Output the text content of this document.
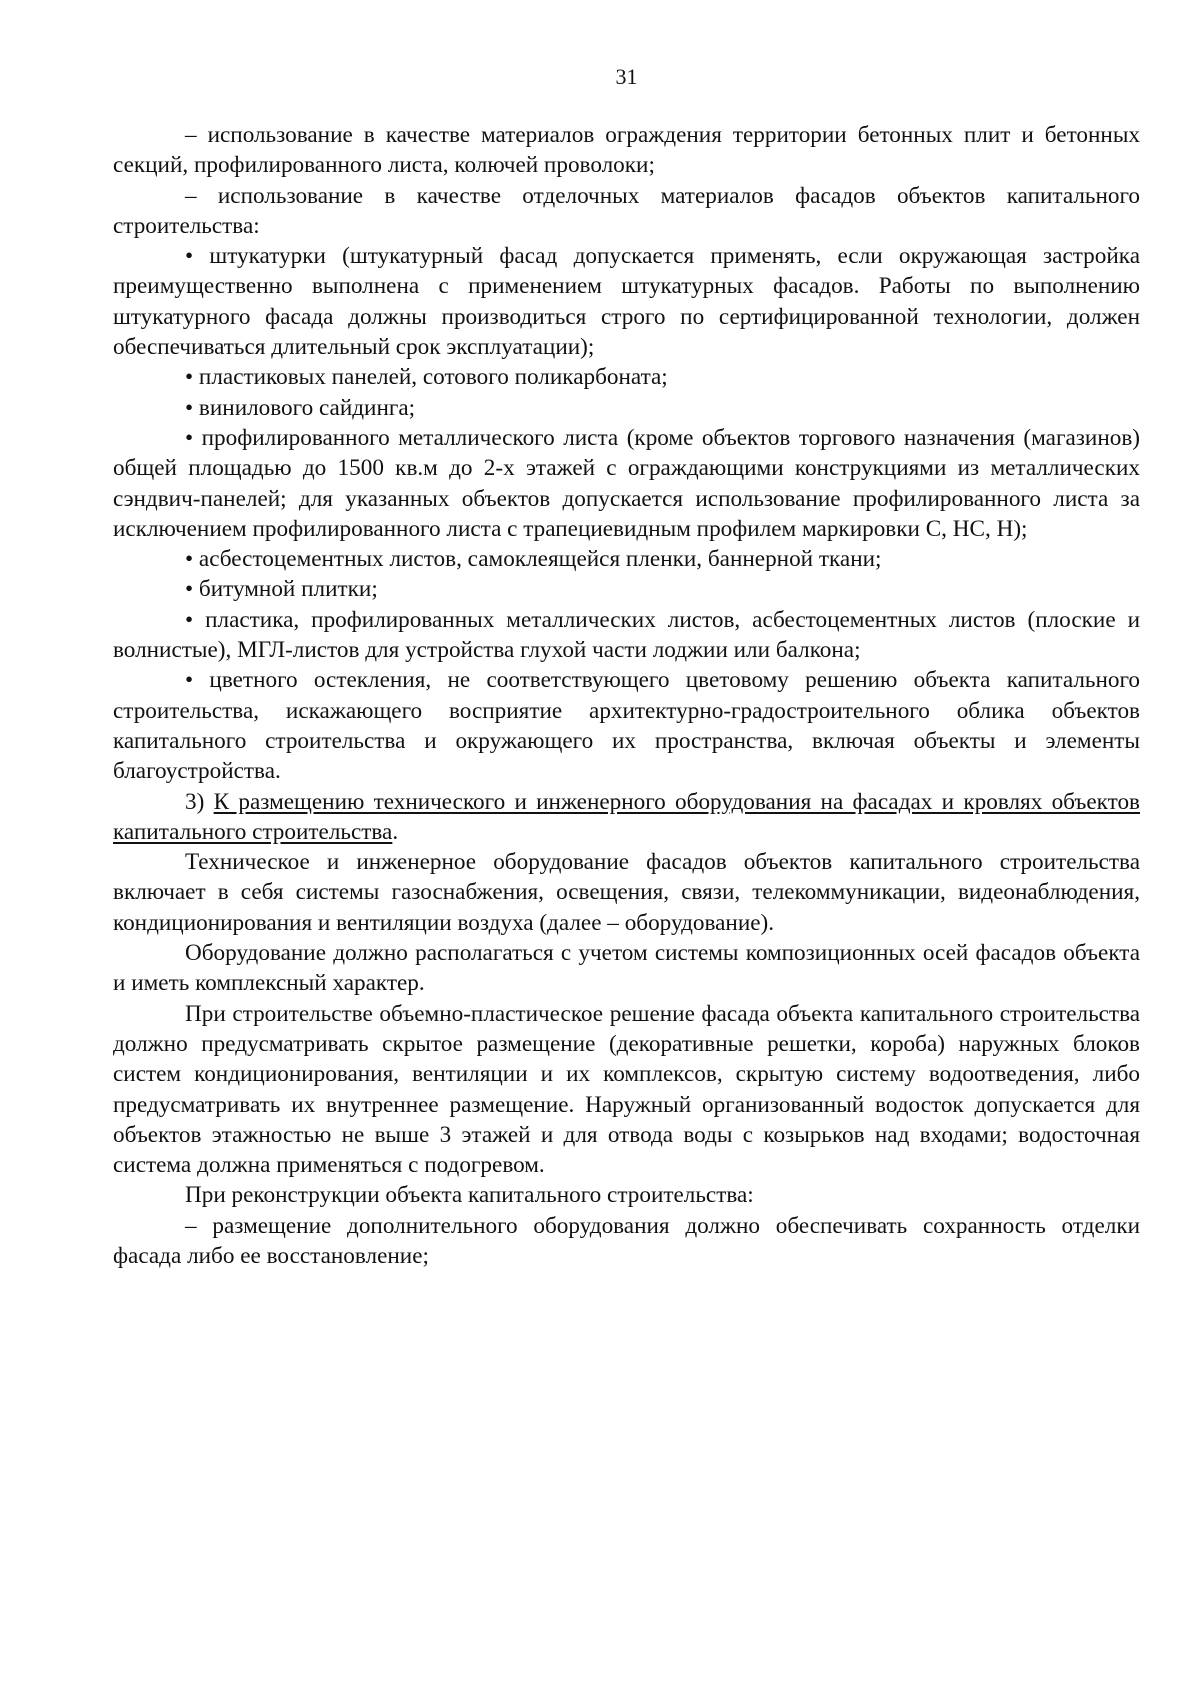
31

– использование в качестве материалов ограждения территории бетонных плит и бетонных секций, профилированного листа, колючей проволоки;

– использование в качестве отделочных материалов фасадов объектов капитального строительства:

• штукатурки (штукатурный фасад допускается применять, если окружающая застройка преимущественно выполнена с применением штукатурных фасадов. Работы по выполнению штукатурного фасада должны производиться строго по сертифицированной технологии, должен обеспечиваться длительный срок эксплуатации);

• пластиковых панелей, сотового поликарбоната;

• винилового сайдинга;

• профилированного металлического листа (кроме объектов торгового назначения (магазинов) общей площадью до 1500 кв.м до 2-х этажей с ограждающими конструкциями из металлических сэндвич-панелей; для указанных объектов допускается использование профилированного листа за исключением профилированного листа с трапециевидным профилем маркировки С, НС, Н);

• асбестоцементных листов, самоклеящейся пленки, баннерной ткани;

• битумной плитки;

• пластика, профилированных металлических листов, асбестоцементных листов (плоские и волнистые), МГЛ-листов для устройства глухой части лоджии или балкона;

• цветного остекления, не соответствующего цветовому решению объекта капитального строительства, искажающего восприятие архитектурно-градостроительного облика объектов капитального строительства и окружающего их пространства, включая объекты и элементы благоустройства.

3) К размещению технического и инженерного оборудования на фасадах и кровлях объектов капитального строительства.

Техническое и инженерное оборудование фасадов объектов капитального строительства включает в себя системы газоснабжения, освещения, связи, телекоммуникации, видеонаблюдения, кондиционирования и вентиляции воздуха (далее – оборудование).

Оборудование должно располагаться с учетом системы композиционных осей фасадов объекта и иметь комплексный характер.

При строительстве объемно-пластическое решение фасада объекта капитального строительства должно предусматривать скрытое размещение (декоративные решетки, короба) наружных блоков систем кондиционирования, вентиляции и их комплексов, скрытую систему водоотведения, либо предусматривать их внутреннее размещение. Наружный организованный водосток допускается для объектов этажностью не выше 3 этажей и для отвода воды с козырьков над входами; водосточная система должна применяться с подогревом.

При реконструкции объекта капитального строительства:

– размещение дополнительного оборудования должно обеспечивать сохранность отделки фасада либо ее восстановление;
